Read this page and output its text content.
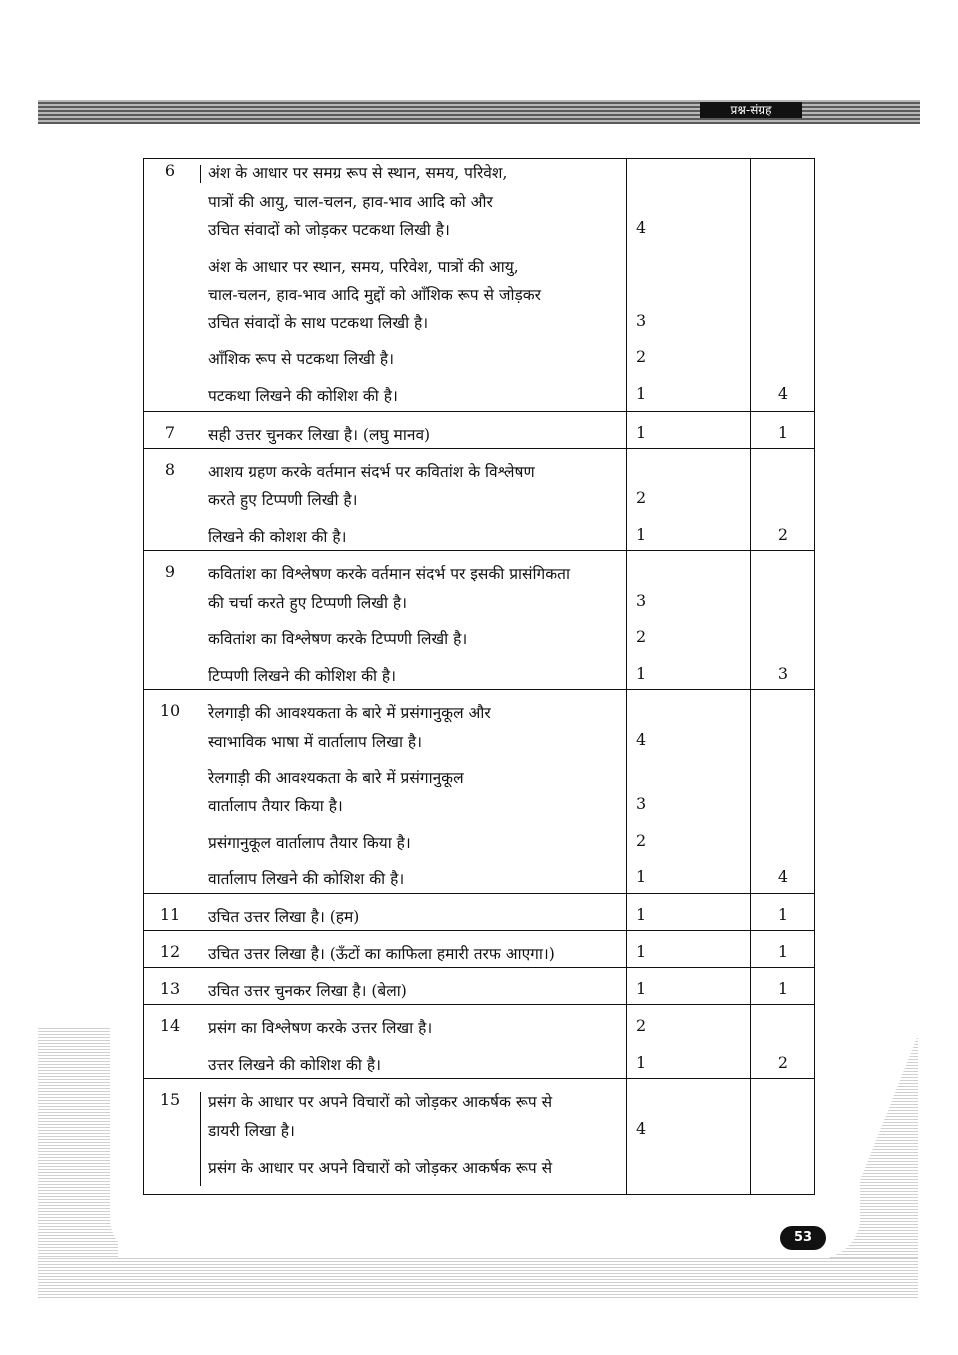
प्रश्न-संग्रह
6	अंश के आधार पर समग्र रूप से स्थान, समय, परिवेश,
पात्रों की आयु, चाल-चलन, हाव-भाव आदि को और
उचित संवादों को जोड़कर पटकथा लिखी है।	4
अंश के आधार पर स्थान, समय, परिवेश, पात्रों की आयु,
चाल-चलन, हाव-भाव आदि मुद्दों को आँशिक रूप से जोड़कर
उचित संवादों के साथ पटकथा लिखी है।	3
आँशिक रूप से पटकथा लिखी है।	2
पटकथा लिखने की कोशिश की है।	1	4
7	सही उत्तर चुनकर लिखा है। (लघु मानव)	1	1
8	आशय ग्रहण करके वर्तमान संदर्भ पर कवितांश के विश्लेषण
करते हुए टिप्पणी लिखी है।	2
लिखने की कोशश की है।	1	2
9	कवितांश का विश्लेषण करके वर्तमान संदर्भ पर इसकी प्रासंगिकता
की चर्चा करते हुए टिप्पणी लिखी है।	3
कवितांश का विश्लेषण करके टिप्पणी लिखी है।	2
टिप्पणी लिखने की कोशिश की है।	1	3
10	रेलगाड़ी की आवश्यकता के बारे में प्रसंगानुकूल और
स्वाभाविक भाषा में वार्तालाप लिखा है।	4
रेलगाड़ी की आवश्यकता के बारे में प्रसंगानुकूल
वार्तालाप तैयार किया है।	3
प्रसंगानुकूल वार्तालाप तैयार किया है।	2
वार्तालाप लिखने की कोशिश की है।	1	4
11	उचित उत्तर लिखा है। (हम)	1	1
12	उचित उत्तर लिखा है। (ऊँटों का काफिला हमारी तरफ आएगा।)	1	1
13	उचित उत्तर चुनकर लिखा है। (बेला)	1	1
14	प्रसंग का विश्लेषण करके उत्तर लिखा है।	2
उत्तर लिखने की कोशिश की है।	1	2
15	प्रसंग के आधार पर अपने विचारों को जोड़कर आकर्षक रूप से
डायरी लिखा है।	4
प्रसंग के आधार पर अपने विचारों को जोड़कर आकर्षक रूप से
53
